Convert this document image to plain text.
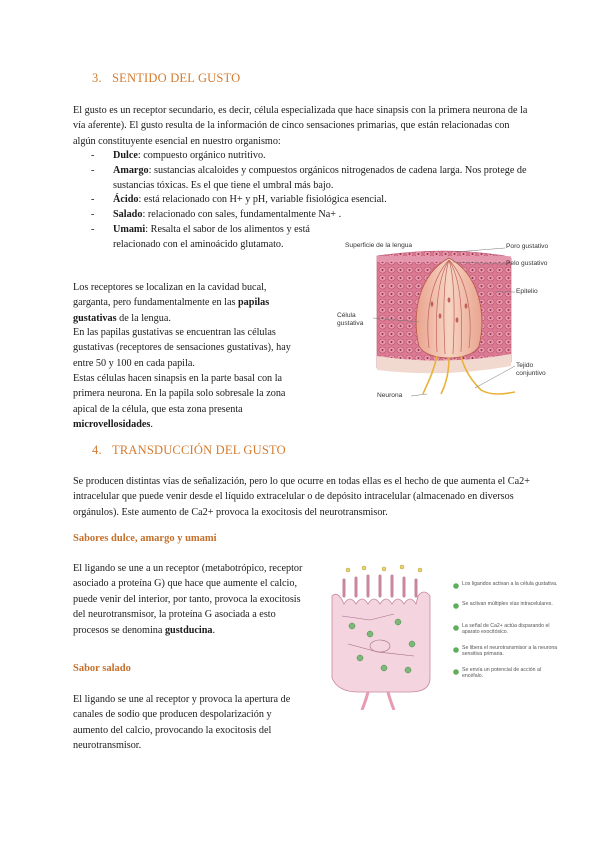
3. SENTIDO DEL GUSTO
El gusto es un receptor secundario, es decir, célula especializada que hace sinapsis con la primera neurona de la vía aferente). El gusto resulta de la información de cinco sensaciones primarias, que están relacionadas con algún constituyente esencial en nuestro organismo:
-	Dulce: compuesto orgánico nutritivo.
-	Amargo: sustancias alcaloides y compuestos orgánicos nitrogenados de cadena larga. Nos protege de sustancias tóxicas. Es el que tiene el umbral más bajo.
-	Ácido: está relacionado con H+ y pH, variable fisiológica esencial.
-	Salado: relacionado con sales, fundamentalmente Na+ .
-	Umami: Resalta el sabor de los alimentos y está relacionado con el aminoácido glutamato.
Los receptores se localizan en la cavidad bucal, garganta, pero fundamentalmente en las papilas gustativas de la lengua.
En las papilas gustativas se encuentran las células gustativas (receptores de sensaciones gustativas), hay entre 50 y 100 en cada papila.
Estas células hacen sinapsis en la parte basal con la primera neurona. En la papila solo sobresale la zona apical de la célula, que esta zona presenta microvellosidades.
Superficie de la lengua	Poro gustativo
Pelo gustativo
Epitelio
Célula gustativa
Tejido conjuntivo
Neurona
4. TRANSDUCCIÓN DEL GUSTO
Se producen distintas vías de señalización, pero lo que ocurre en todas ellas es el hecho de que aumenta el Ca2+ intracelular que puede venir desde el líquido extracelular o de depósito intracelular (almacenado en diversos orgánulos). Este aumento de Ca2+ provoca la exocitosis del neurotransmisor.
Sabores dulce, amargo y umami
El ligando se une a un receptor (metabotrópico, receptor asociado a proteína G) que hace que aumente el calcio, puede venir del interior, por tanto, provoca la exocitosis del neurotransmisor, la proteína G asociada a esto procesos se denomina gustducina.
Sabor salado
El ligando se une al receptor y provoca la apertura de canales de sodio que producen despolarización y aumento del calcio, provocando la exocitosis del neurotransmisor.
Los ligandos activan a la célula gustativa.
Se activan múltiples vías intracelulares.
La señal de Ca2+ actúa disparando el aparato exocitósico.
Se libera el neurotransmisor a la neurona sensitiva primaria.
Se envía un potencial de acción al encéfalo.
